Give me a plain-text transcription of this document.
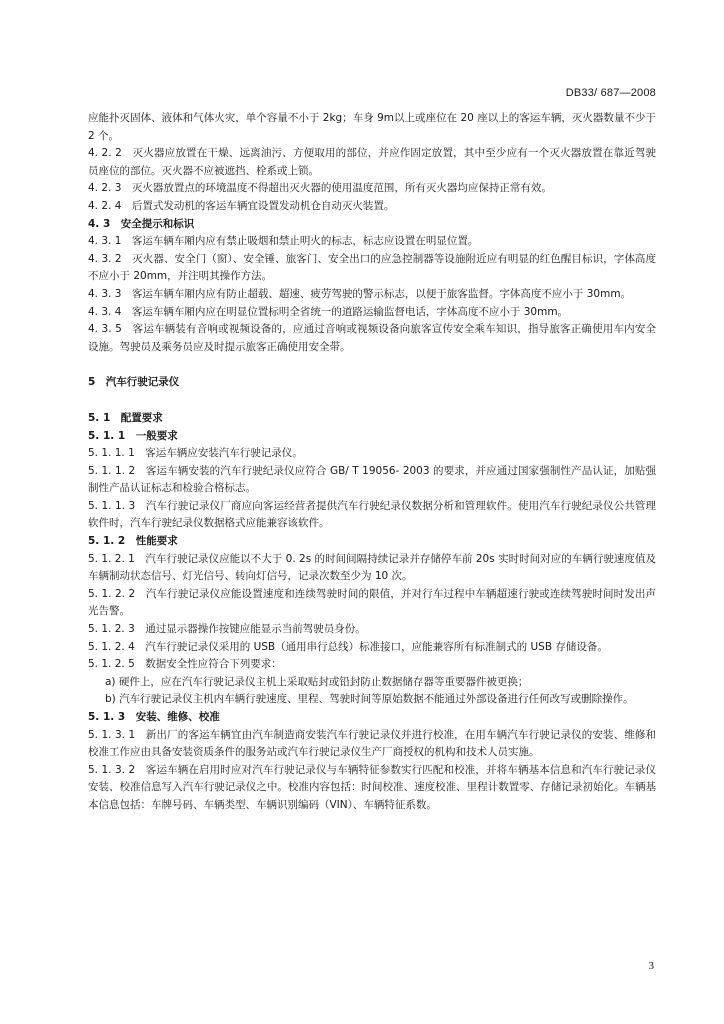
DB33/ 687—2008

应能扑灭固体、液体和气体火灾，单个容量不小于 2kg；车身 9m以上或座位在 20 座以上的客运车辆，灭火器数量不少于 2 个。

4. 2. 2　灭火器应放置在干燥、远离油污、方便取用的部位，并应作固定放置，其中至少应有一个灭火器放置在靠近驾驶员座位的部位。灭火器不应被遮挡、栓系或上锁。

4. 2. 3　灭火器放置点的环境温度不得超出灭火器的使用温度范围，所有灭火器均应保持正常有效。

4. 2. 4　后置式发动机的客运车辆宜设置发动机仓自动灭火装置。

4. 3　安全提示和标识

4. 3. 1　客运车辆车厢内应有禁止吸烟和禁止明火的标志，标志应设置在明显位置。

4. 3. 2　灭火器、安全门（窗）、安全锤、旅客门、安全出口的应急控制器等设施附近应有明显的红色醒目标识，字体高度不应小于 20mm，并注明其操作方法。

4. 3. 3　客运车辆车厢内应有防止超载、超速、疲劳驾驶的警示标志，以便于旅客监督。字体高度不应小于 30mm。

4. 3. 4　客运车辆车厢内应在明显位置标明全省统一的道路运输监督电话，字体高度不应小于 30mm。

4. 3. 5　客运车辆装有音响或视频设备的，应通过音响或视频设备向旅客宣传安全乘车知识，指导旅客正确使用车内安全设施。驾驶员及乘务员应及时提示旅客正确使用安全带。

5　汽车行驶记录仪

5. 1　配置要求

5. 1. 1　一般要求

5. 1. 1. 1　客运车辆应安装汽车行驶记录仪。

5. 1. 1. 2　客运车辆安装的汽车行驶纪录仪应符合 GB/ T 19056- 2003 的要求，并应通过国家强制性产品认证，加贴强制性产品认证标志和检验合格标志。

5. 1. 1. 3　汽车行驶记录仪厂商应向客运经营者提供汽车行驶纪录仪数据分析和管理软件。使用汽车行驶纪录仪公共管理软件时，汽车行驶纪录仪数据格式应能兼容该软件。

5. 1. 2　性能要求

5. 1. 2. 1　汽车行驶记录仪应能以不大于 0. 2s 的时间间隔持续记录并存储停车前 20s 实时时间对应的车辆行驶速度值及车辆制动状态信号、灯光信号、转向灯信号，记录次数至少为 10 次。

5. 1. 2. 2　汽车行驶记录仪应能设置速度和连续驾驶时间的限值，并对行车过程中车辆超速行驶或连续驾驶时间时发出声光告警。

5. 1. 2. 3　通过显示器操作按键应能显示当前驾驶员身份。

5. 1. 2. 4　汽车行驶记录仪采用的 USB（通用串行总线）标准接口，应能兼容所有标准制式的 USB 存储设备。

5. 1. 2. 5　数据安全性应符合下列要求：

a) 硬件上，应在汽车行驶记录仪主机上采取贴封或铅封防止数据储存器等重要器件被更换；

b) 汽车行驶记录仪主机内车辆行驶速度、里程、驾驶时间等原始数据不能通过外部设备进行任何改写或删除操作。

5. 1. 3　安装、维修、校准

5. 1. 3. 1　新出厂的客运车辆宜由汽车制造商安装汽车行驶记录仪并进行校准，在用车辆汽车行驶记录仪的安装、维修和校准工作应由具备安装资质条件的服务站或汽车行驶记录仪生产厂商授权的机构和技术人员实施。

5. 1. 3. 2　客运车辆在启用时应对汽车行驶记录仪与车辆特征参数实行匹配和校准，并将车辆基本信息和汽车行驶记录仪安装、校准信息写入汽车行驶记录仪之中。校准内容包括：时间校准、速度校准、里程计数置零、存储记录初始化。车辆基本信息包括：车牌号码、车辆类型、车辆识别编码（VIN）、车辆特征系数。

3
